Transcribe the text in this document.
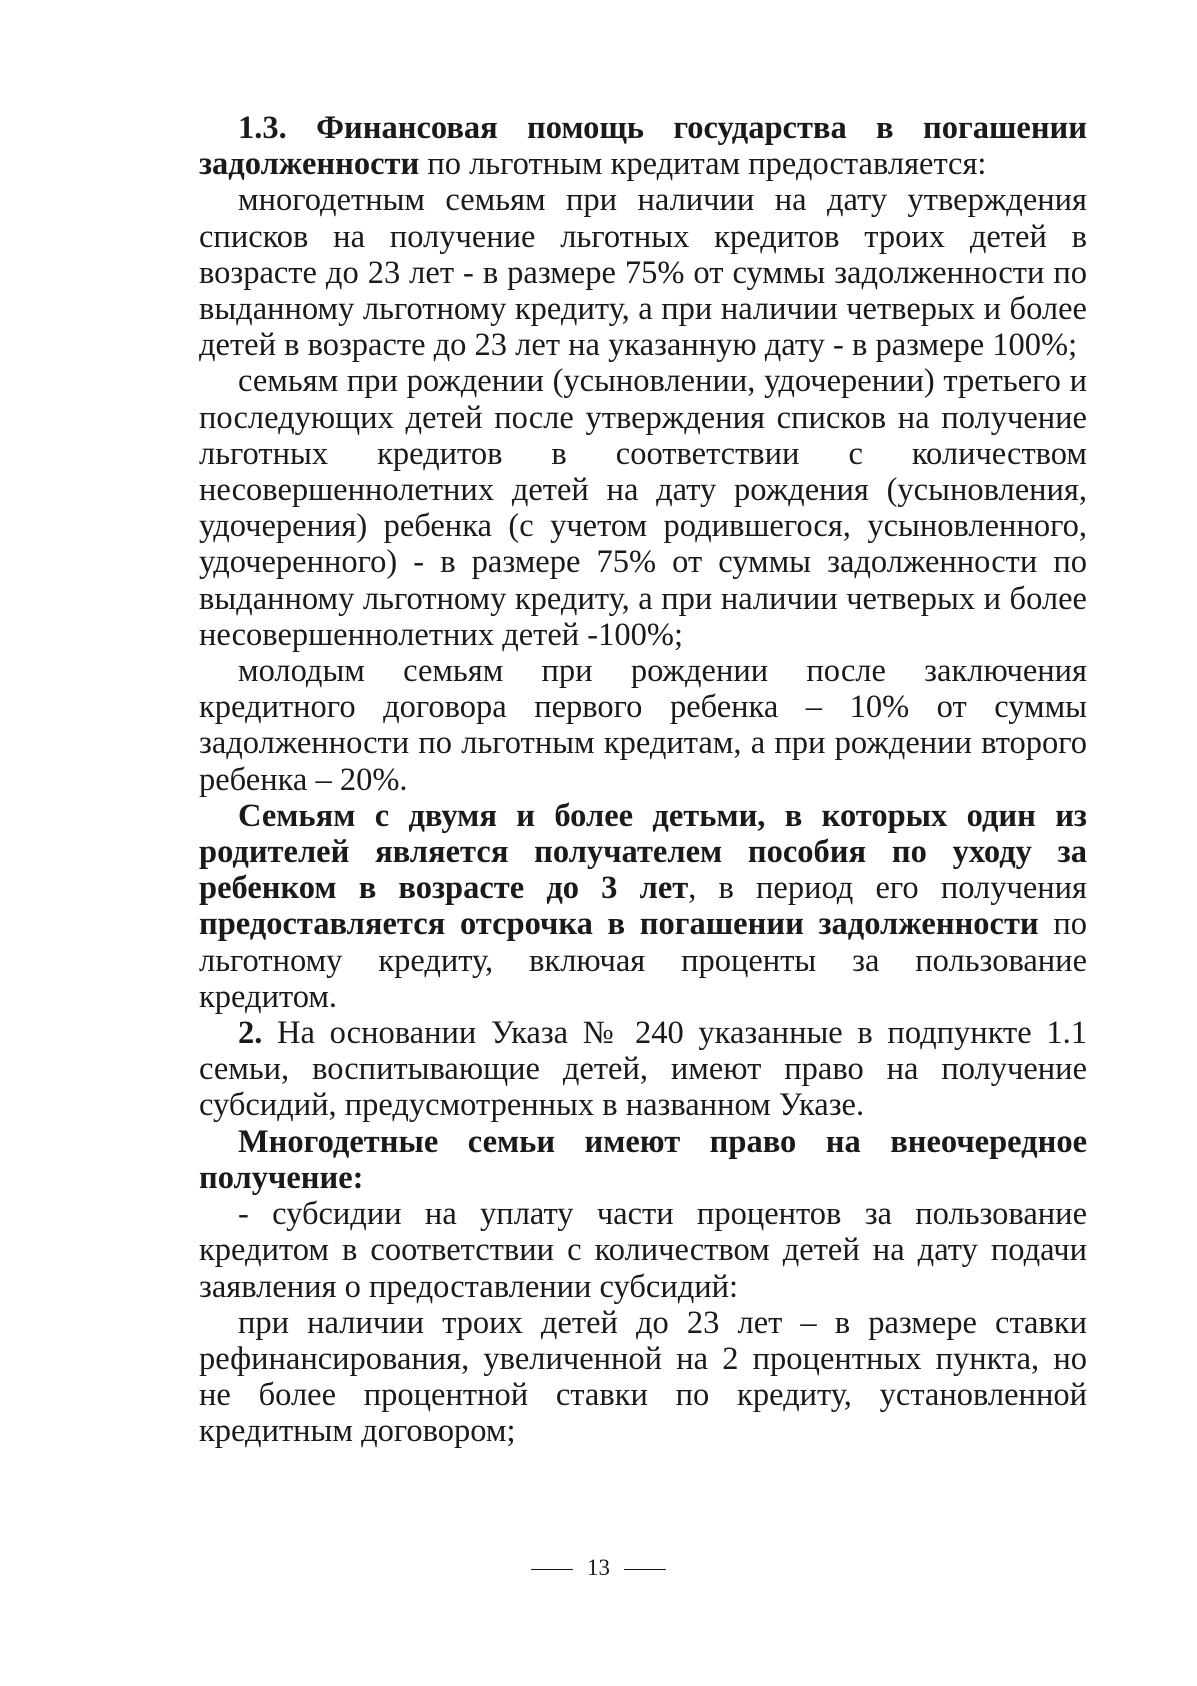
1.3. Финансовая помощь государства в погашении задолженности по льготным кредитам предоставляется:

многодетным семьям при наличии на дату утверждения списков на получение льготных кредитов троих детей в возрасте до 23 лет - в размере 75% от суммы задолженности по выданному льготному кредиту, а при наличии четверых и более детей в возрасте до 23 лет на указанную дату - в размере 100%;

семьям при рождении (усыновлении, удочерении) третьего и последующих детей после утверждения списков на получение льготных кредитов в соответствии с количеством несовершеннолетних детей на дату рождения (усыновления, удочерения) ребенка (с учетом родившегося, усыновленного, удочеренного) - в размере 75% от суммы задолженности по выданному льготному кредиту, а при наличии четверых и более несовершеннолетних детей -100%;

молодым семьям при рождении после заключения кредитного договора первого ребенка – 10% от суммы задолженности по льготным кредитам, а при рождении второго ребенка – 20%.

Семьям с двумя и более детьми, в которых один из родителей является получателем пособия по уходу за ребенком в возрасте до 3 лет, в период его получения предоставляется отсрочка в погашении задолженности по льготному кредиту, включая проценты за пользование кредитом.

2. На основании Указа № 240 указанные в подпункте 1.1 семьи, воспитывающие детей, имеют право на получение субсидий, предусмотренных в названном Указе.

Многодетные семьи имеют право на внеочередное получение:

- субсидии на уплату части процентов за пользование кредитом в соответствии с количеством детей на дату подачи заявления о предоставлении субсидий:

при наличии троих детей до 23 лет – в размере ставки рефинансирования, увеличенной на 2 процентных пункта, но не более процентной ставки по кредиту, установленной кредитным договором;

13
